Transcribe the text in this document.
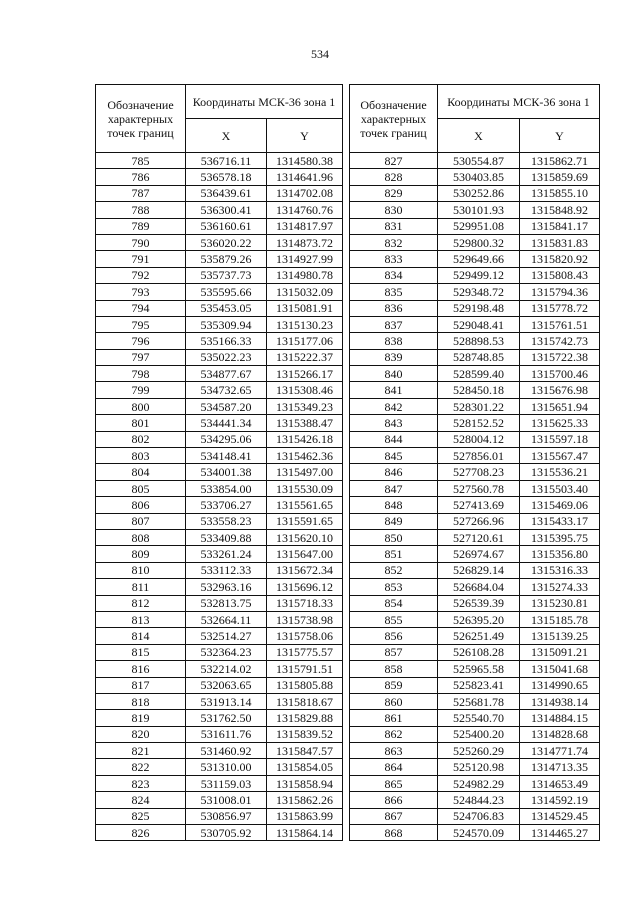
534
Обозначение характерных точек границ	Координаты МСК-36 зона 1	
	X	Y
785	536716.11	1314580.38
786	536578.18	1314641.96
787	536439.61	1314702.08
788	536300.41	1314760.76
789	536160.61	1314817.97
790	536020.22	1314873.72
791	535879.26	1314927.99
792	535737.73	1314980.78
793	535595.66	1315032.09
794	535453.05	1315081.91
795	535309.94	1315130.23
796	535166.33	1315177.06
797	535022.23	1315222.37
798	534877.67	1315266.17
799	534732.65	1315308.46
800	534587.20	1315349.23
801	534441.34	1315388.47
802	534295.06	1315426.18
803	534148.41	1315462.36
804	534001.38	1315497.00
805	533854.00	1315530.09
806	533706.27	1315561.65
807	533558.23	1315591.65
808	533409.88	1315620.10
809	533261.24	1315647.00
810	533112.33	1315672.34
811	532963.16	1315696.12
812	532813.75	1315718.33
813	532664.11	1315738.98
814	532514.27	1315758.06
815	532364.23	1315775.57
816	532214.02	1315791.51
817	532063.65	1315805.88
818	531913.14	1315818.67
819	531762.50	1315829.88
820	531611.76	1315839.52
821	531460.92	1315847.57
822	531310.00	1315854.05
823	531159.03	1315858.94
824	531008.01	1315862.26
825	530856.97	1315863.99
826	530705.92	1315864.14
Обозначение характерных точек границ	Координаты МСК-36 зона 1	
	X	Y
827	530554.87	1315862.71
828	530403.85	1315859.69
829	530252.86	1315855.10
830	530101.93	1315848.92
831	529951.08	1315841.17
832	529800.32	1315831.83
833	529649.66	1315820.92
834	529499.12	1315808.43
835	529348.72	1315794.36
836	529198.48	1315778.72
837	529048.41	1315761.51
838	528898.53	1315742.73
839	528748.85	1315722.38
840	528599.40	1315700.46
841	528450.18	1315676.98
842	528301.22	1315651.94
843	528152.52	1315625.33
844	528004.12	1315597.18
845	527856.01	1315567.47
846	527708.23	1315536.21
847	527560.78	1315503.40
848	527413.69	1315469.06
849	527266.96	1315433.17
850	527120.61	1315395.75
851	526974.67	1315356.80
852	526829.14	1315316.33
853	526684.04	1315274.33
854	526539.39	1315230.81
855	526395.20	1315185.78
856	526251.49	1315139.25
857	526108.28	1315091.21
858	525965.58	1315041.68
859	525823.41	1314990.65
860	525681.78	1314938.14
861	525540.70	1314884.15
862	525400.20	1314828.68
863	525260.29	1314771.74
864	525120.98	1314713.35
865	524982.29	1314653.49
866	524844.23	1314592.19
867	524706.83	1314529.45
868	524570.09	1314465.27
